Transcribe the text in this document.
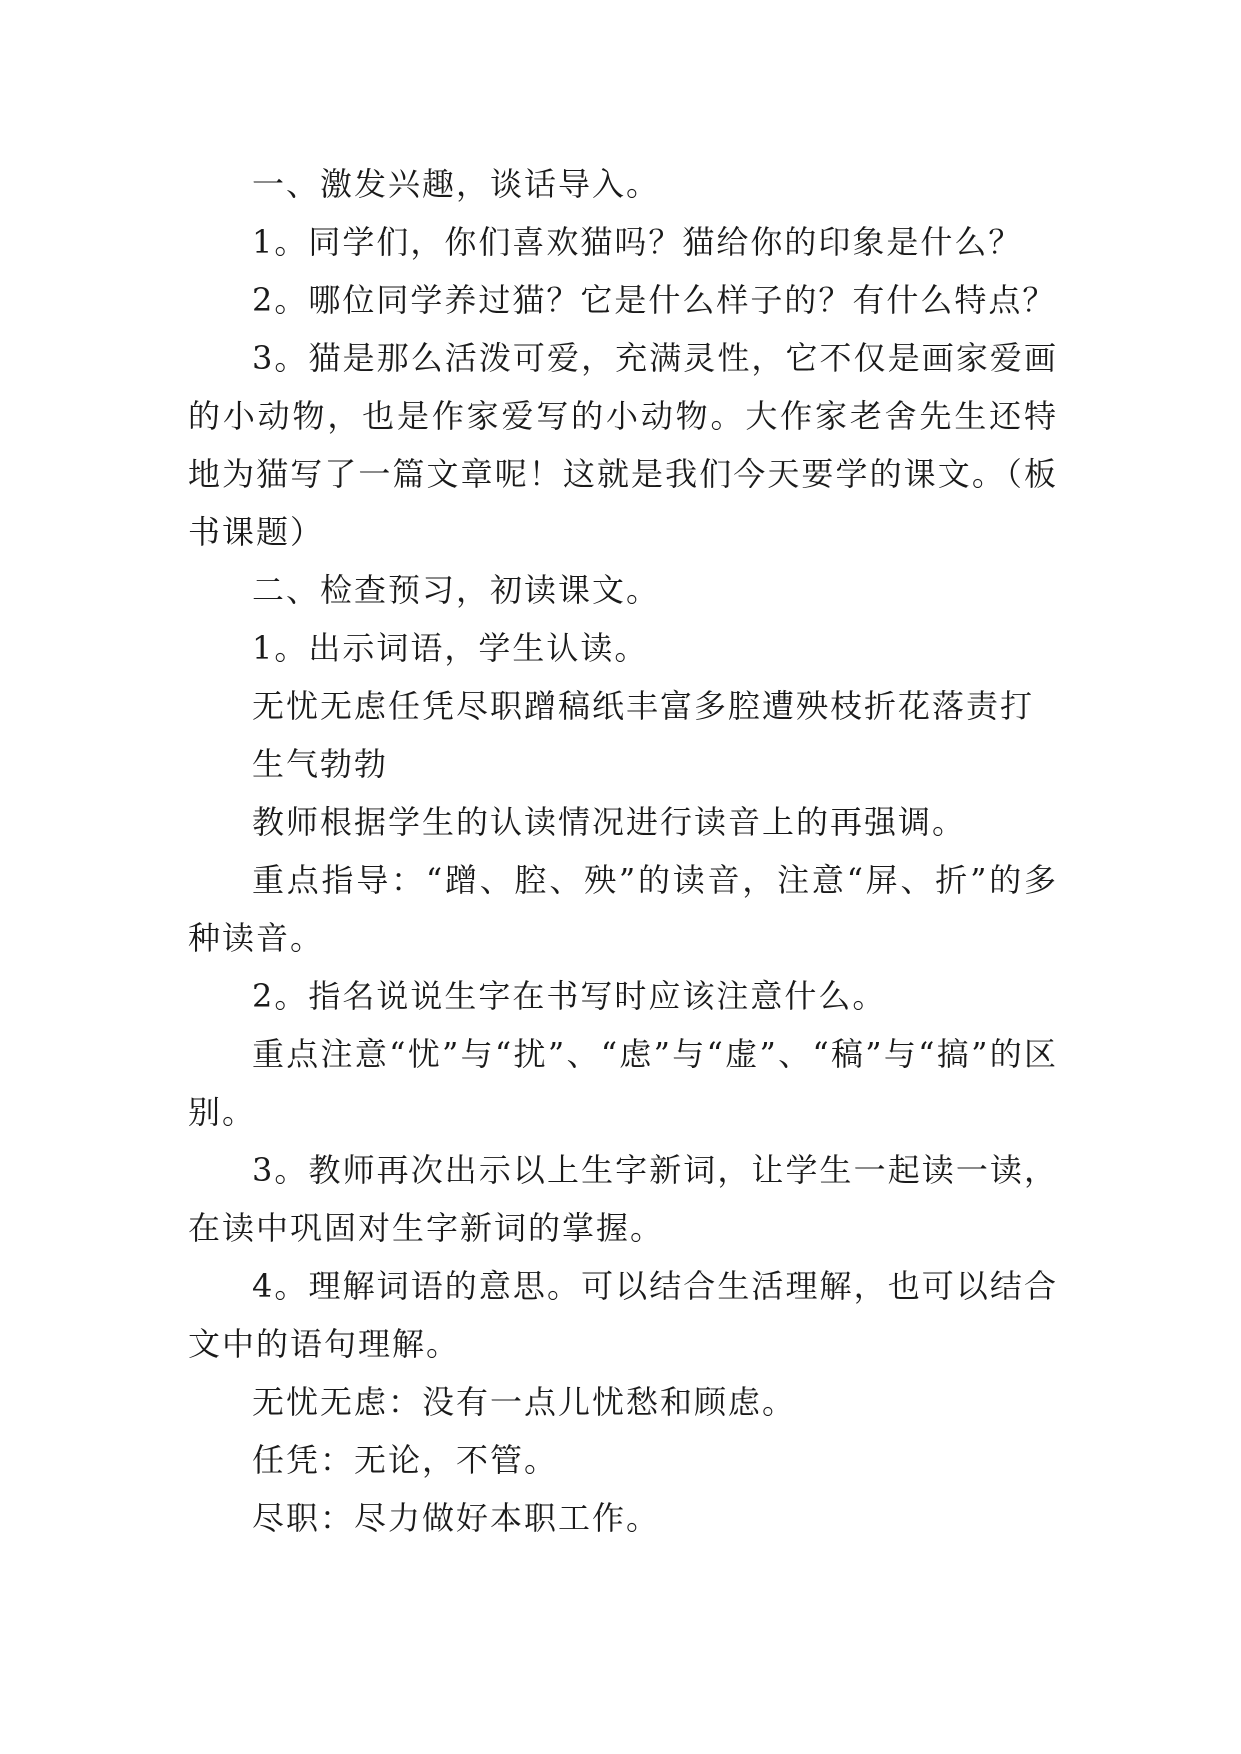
一、激发兴趣，谈话导入。

1。同学们，你们喜欢猫吗？猫给你的印象是什么？

2。哪位同学养过猫？它是什么样子的？有什么特点？

3。猫是那么活泼可爱，充满灵性，它不仅是画家爱画的小动物，也是作家爱写的小动物。大作家老舍先生还特地为猫写了一篇文章呢！这就是我们今天要学的课文。（板书课题）

二、检查预习，初读课文。

1。出示词语，学生认读。

无忧无虑任凭尽职蹭稿纸丰富多腔遭殃枝折花落责打

生气勃勃

教师根据学生的认读情况进行读音上的再强调。

重点指导：“蹭、腔、殃”的读音，注意“屏、折”的多种读音。

2。指名说说生字在书写时应该注意什么。

重点注意“忧”与“扰”、“虑”与“虚”、“稿”与“搞”的区别。

3。教师再次出示以上生字新词，让学生一起读一读，在读中巩固对生字新词的掌握。

4。理解词语的意思。可以结合生活理解，也可以结合文中的语句理解。

无忧无虑：没有一点儿忧愁和顾虑。

任凭：无论，不管。

尽职：尽力做好本职工作。
